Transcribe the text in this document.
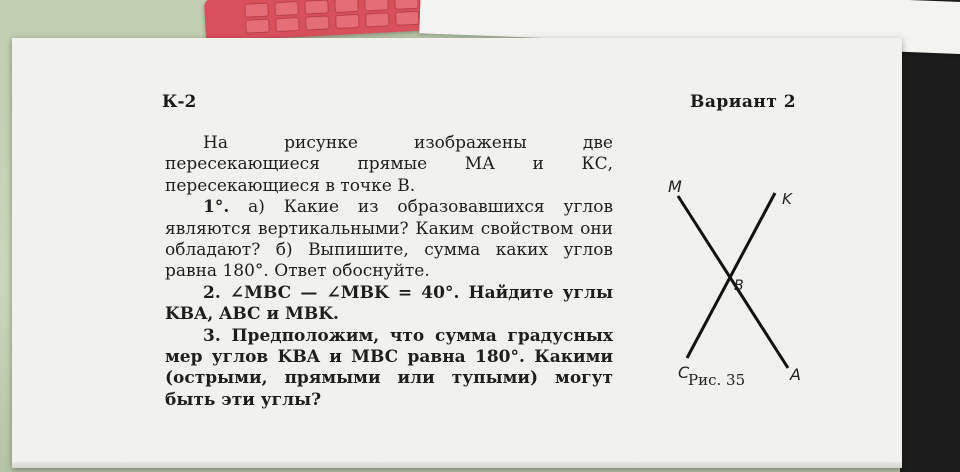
К-2	Вариант 2

На рисунке изображены две пересекающиеся прямые МА и КС, пересекающиеся в точке В.

1°. а) Какие из образовавшихся углов являются вертикальными? Каким свойством они обладают? б) Выпишите, сумма каких углов равна 180°. Ответ обоснуйте.

2. ∠MBC — ∠MBK = 40°. Найдите углы KBA, ABC и MBK.

3. Предположим, что сумма градусных мер углов KBA и MBC равна 180°. Какими (острыми, прямыми или тупыми) могут быть эти углы?

M
K
B
C	A
Рис. 35
